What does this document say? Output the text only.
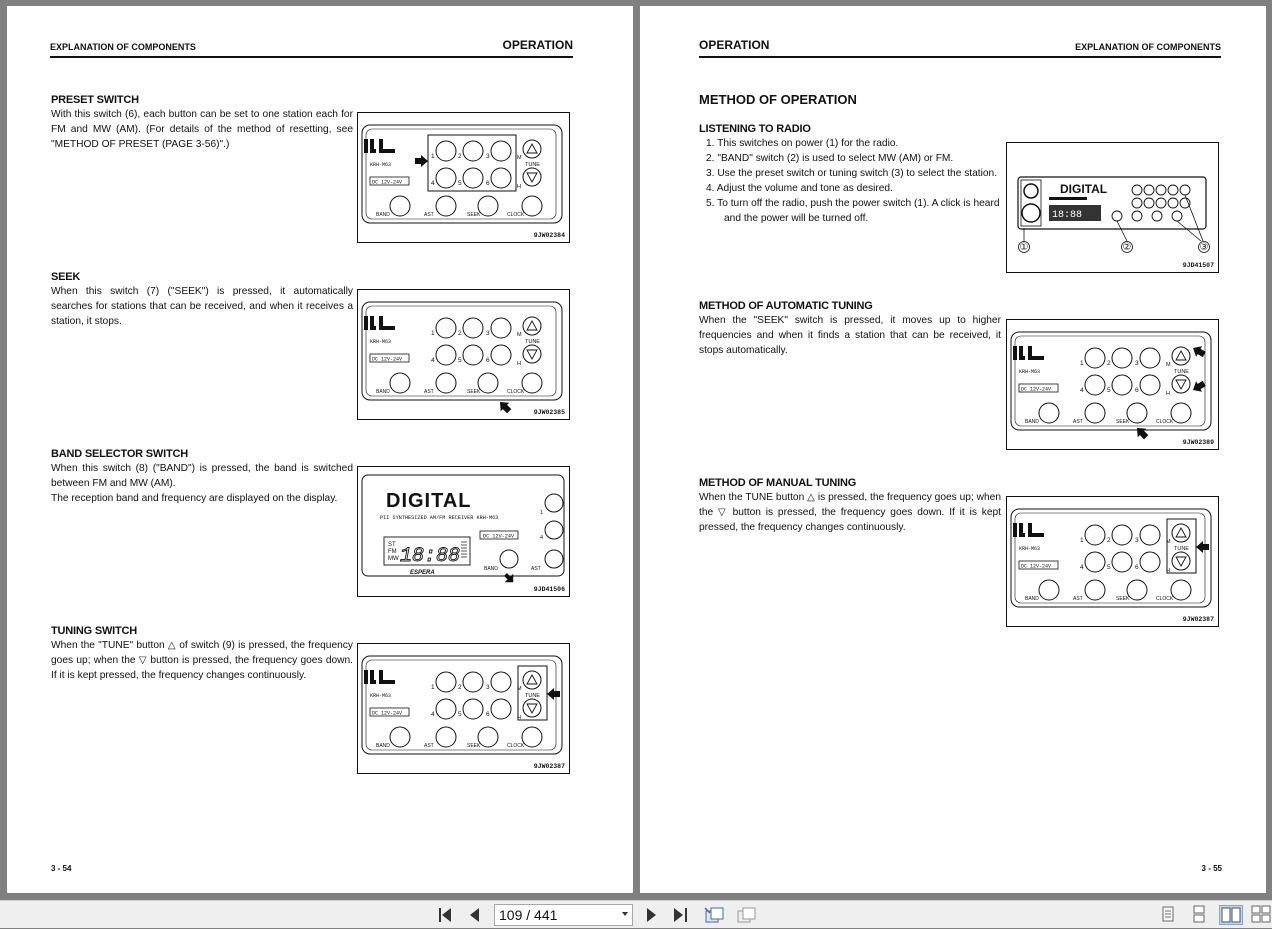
EXPLANATION OF COMPONENTS	OPERATION
PRESET SWITCH
With this switch (6), each button can be set to one station each for FM and MW (AM). (For details of the method of resetting, see "METHOD OF PRESET (PAGE 3-56)".)
KRH-M63
DC 12V-24V
1	2	3
4	5	6
TUNE
M
H
BAND	AST	SEEK	CLOCK
9JW02384
SEEK
When this switch (7) ("SEEK") is pressed, it automatically searches for stations that can be received, and when it receives a station, it stops.
KRH-M63
DC 12V-24V
1	2	3
4	5	6
TUNE
M
H
BAND	AST	SEEK	CLOCK
9JW02385
BAND SELECTOR SWITCH

When this switch (8) ("BAND") is pressed, the band is switched between FM and MW (AM).

The reception band and frequency are displayed on the display.	DIGITAL
PII SYNTHESIZED AM/FM RECEIVER KRH-M63
DC 12V-24V
ST
FM
MW 18:88
ESPERA
BAND
1
4
AST
9JD41506
TUNING SWITCH
When the "TUNE" button △ of switch (9) is pressed, the frequency goes up; when the ▽ button is pressed, the frequency goes down. If it is kept pressed, the frequency changes continuously.
KRH-M63
DC 12V-24V
1	2	3
4	5	6
TUNE
M
H
BAND	AST	SEEK	CLOCK
9JW02387
3 - 54
OPERATION	EXPLANATION OF COMPONENTS
METHOD OF OPERATION
LISTENING TO RADIO
1. This switches on power (1) for the radio.
2. "BAND" switch (2) is used to select MW (AM) or FM.
3. Use the preset switch or tuning switch (3) to select the station.
4. Adjust the volume and tone as desired.
5. To turn off the radio, push the power switch (1). A click is heard and the power will be turned off.
DIGITAL
18:88
①	②	③
9JD41507
METHOD OF AUTOMATIC TUNING
When the "SEEK" switch is pressed, it moves up to higher frequencies and when it finds a station that can be received, it stops automatically.
KRH-M63
DC 12V-24V
1	2	3
4	5	6
TUNE
M
H
BAND	AST	SEEK	CLOCK
9JW02389
METHOD OF MANUAL TUNING
When the TUNE button △ is pressed, the frequency goes up; when the ▽ button is pressed, the frequency goes down. If it is kept pressed, the frequency changes continuously.
KRH-M63
DC 12V-24V
1	2	3
4	5	6
TUNE
M
H
BAND	AST	SEEK	CLOCK
9JW02387
3 - 55
109 / 441
